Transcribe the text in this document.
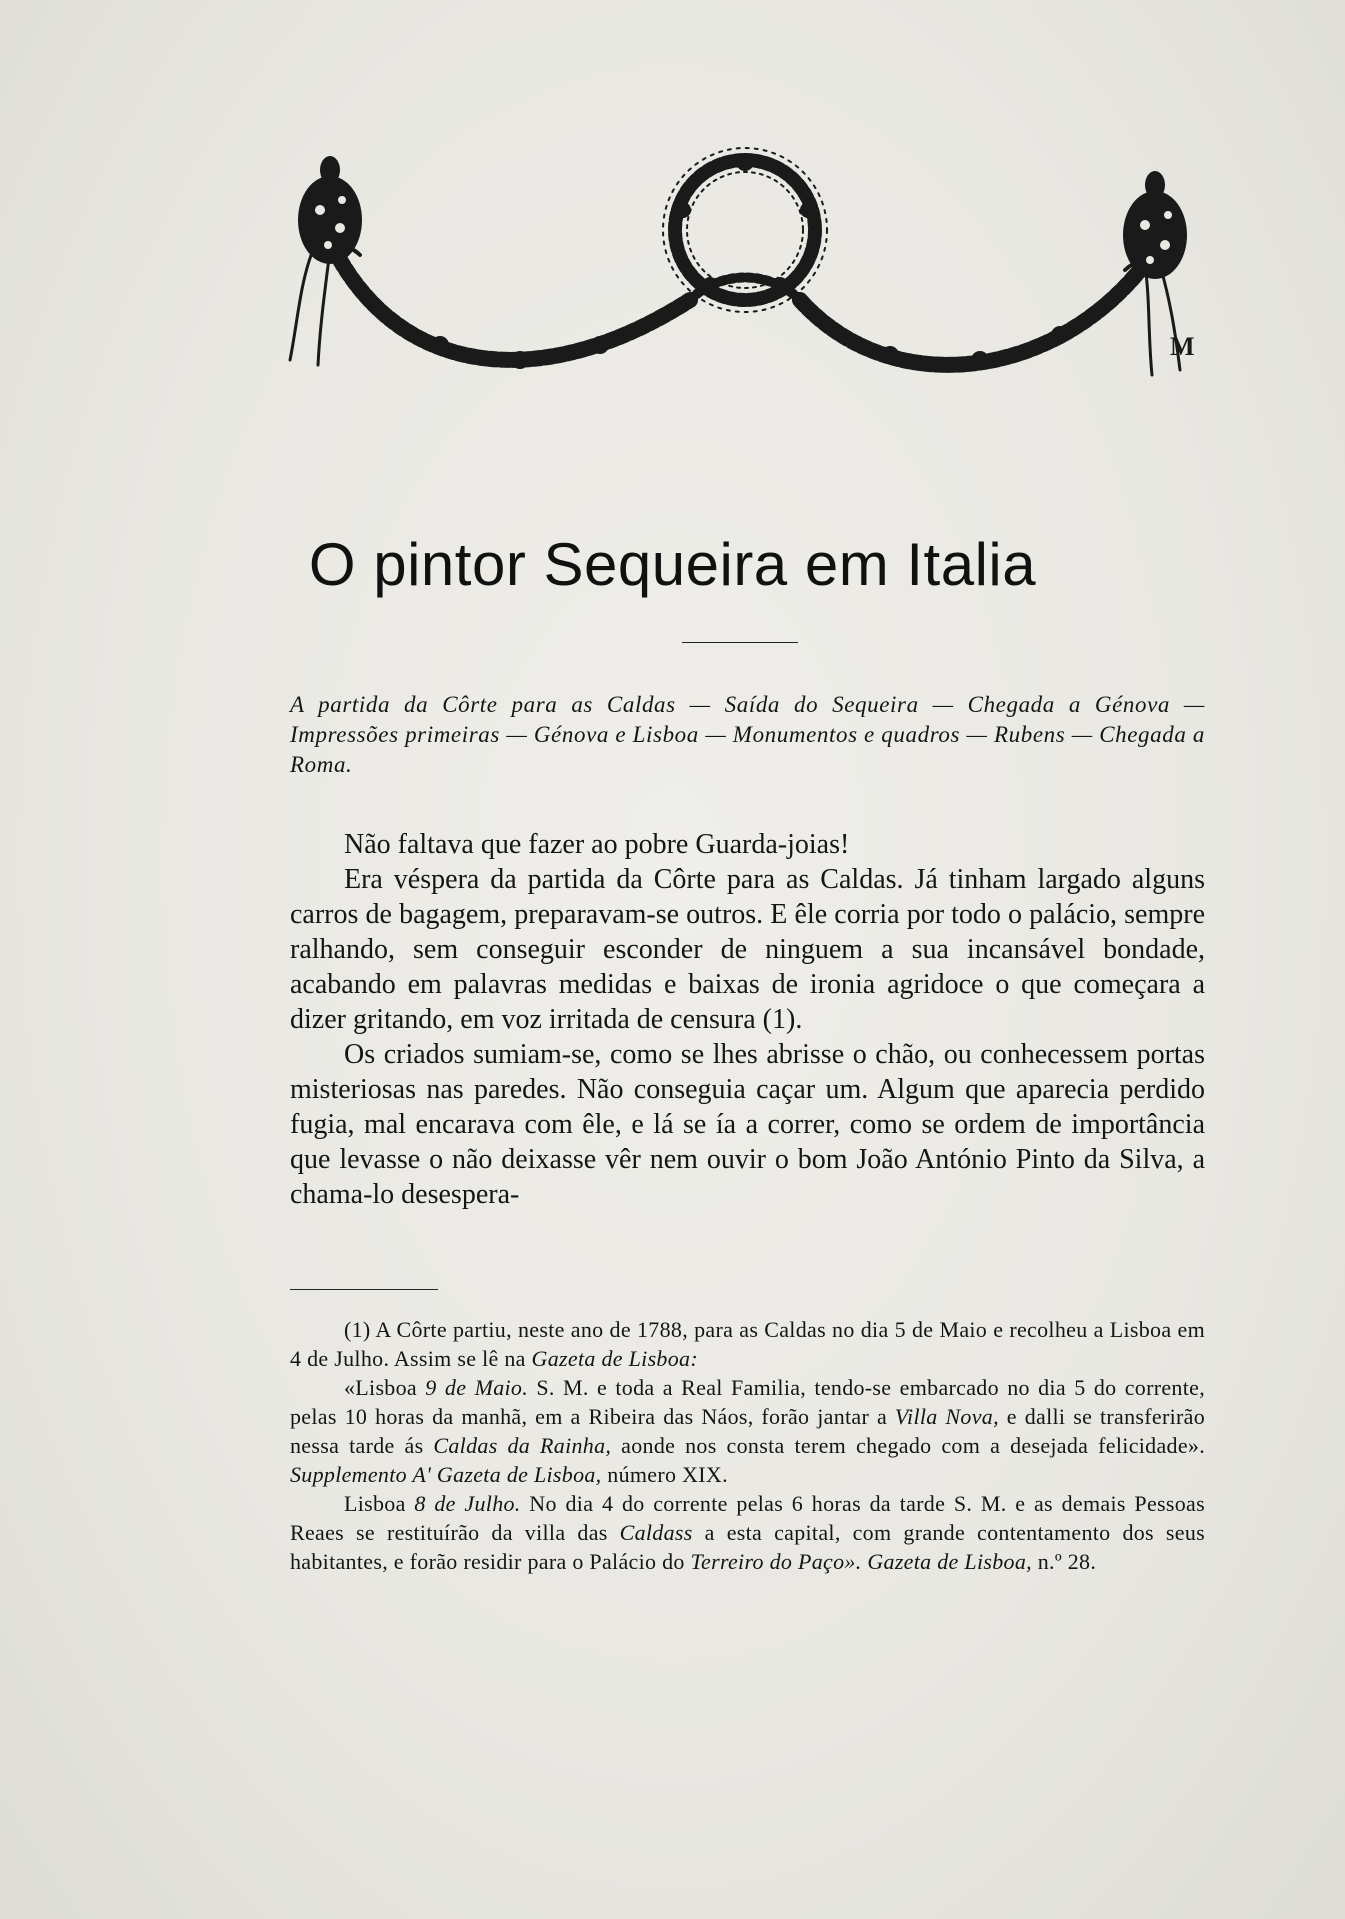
M
O pintor Sequeira em Italia
A partida da Côrte para as Caldas — Saída do Sequeira — Chegada a Génova — Impressões primeiras — Génova e Lisboa — Monumentos e quadros — Rubens — Chegada a Roma.

Não faltava que fazer ao pobre Guarda-joias!

Era véspera da partida da Côrte para as Caldas. Já tinham largado alguns carros de bagagem, preparavam-se outros. E êle corria por todo o palácio, sempre ralhando, sem conseguir esconder de ninguem a sua incansável bondade, acabando em palavras medidas e baixas de ironia agridoce o que começara a dizer gritando, em voz irritada de censura (1).

Os criados sumiam-se, como se lhes abrisse o chão, ou conhecessem portas misteriosas nas paredes. Não conseguia caçar um. Algum que aparecia perdido fugia, mal encarava com êle, e lá se ía a correr, como se ordem de importância que levasse o não deixasse vêr nem ouvir o bom João António Pinto da Silva, a chama-lo desespera-

(1) A Côrte partiu, neste ano de 1788, para as Caldas no dia 5 de Maio e recolheu a Lisboa em 4 de Julho. Assim se lê na Gazeta de Lisboa:

«Lisboa 9 de Maio. S. M. e toda a Real Familia, tendo-se embarcado no dia 5 do corrente, pelas 10 horas da manhã, em a Ribeira das Náos, forão jantar a Villa Nova, e dalli se transferirão nessa tarde ás Caldas da Rainha, aonde nos consta terem chegado com a desejada felicidade». Supplemento A' Gazeta de Lisboa, número XIX.

Lisboa 8 de Julho. No dia 4 do corrente pelas 6 horas da tarde S. M. e as demais Pessoas Reaes se restituírão da villa das Caldass a esta capital, com grande contentamento dos seus habitantes, e forão residir para o Palácio do Terreiro do Paço». Gazeta de Lisboa, n.º 28.
